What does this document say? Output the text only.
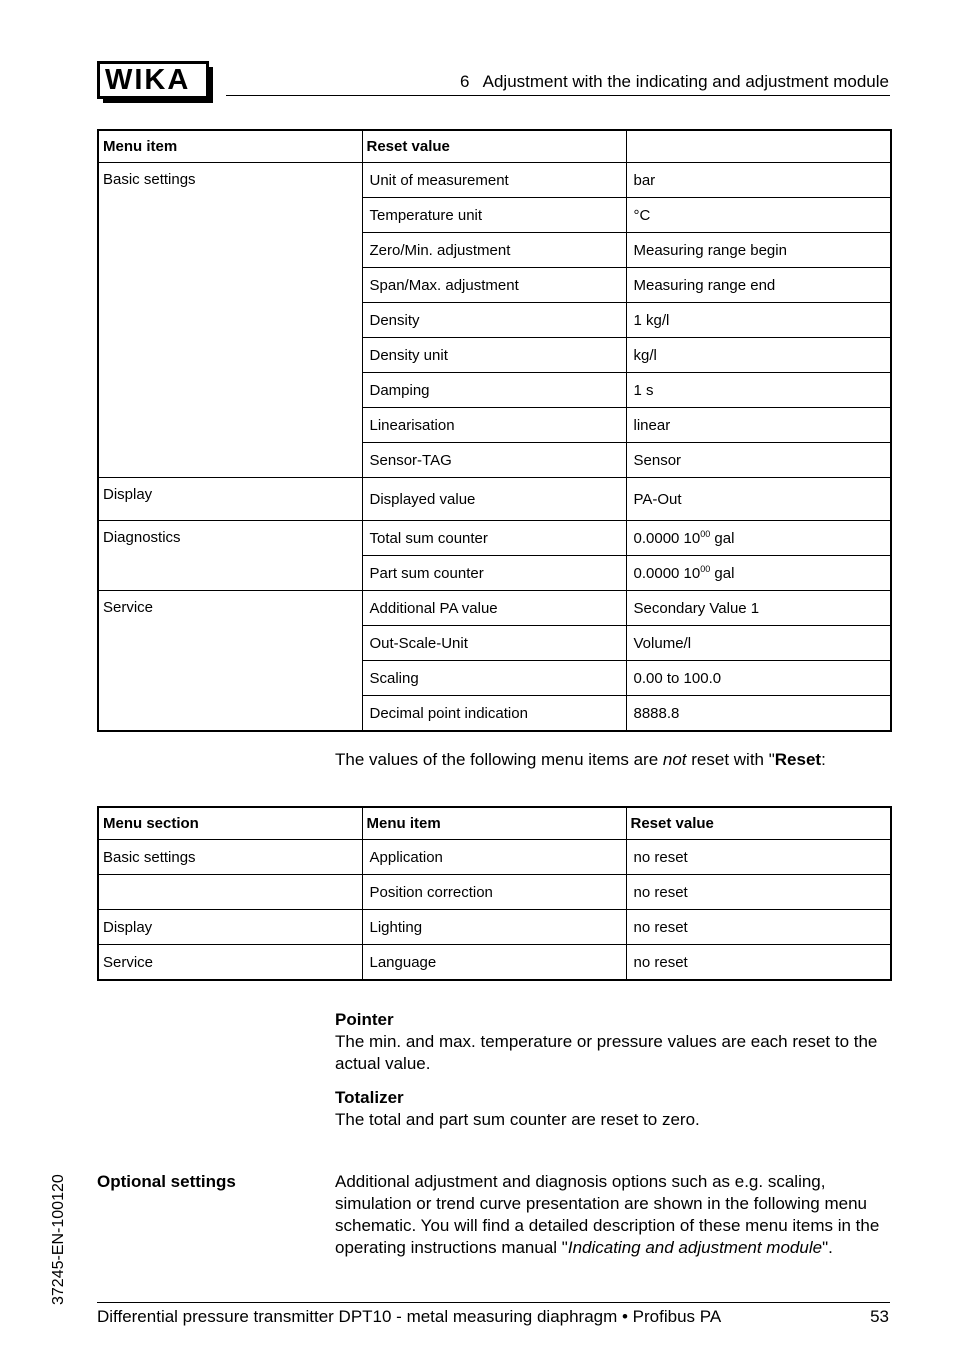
WIKA	6   Adjustment with the indicating and adjustment module
Menu item	Reset value	
Basic settings	Unit of measurement	bar
	Temperature unit	°C
	Zero/Min. adjustment	Measuring range begin
	Span/Max. adjustment	Measuring range end
	Density	1 kg/l
	Density unit	kg/l
	Damping	1 s
	Linearisation	linear
	Sensor-TAG	Sensor
Display	Displayed value	PA-Out
Diagnostics	Total sum counter	0.0000 $10^{00}$ gal
	Part sum counter	0.0000 $10^{00}$ gal
Service	Additional PA value	Secondary Value 1
	Out-Scale-Unit	Volume/l
	Scaling	0.00 to 100.0
	Decimal point indication	8888.8
The values of the following menu items are not reset with "Reset:
Menu section	Menu item	Reset value
Basic settings	Application	no reset
	Position correction	no reset
Display	Lighting	no reset
Service	Language	no reset
Pointer
The min. and max. temperature or pressure values are each reset to the actual value.
Totalizer
The total and part sum counter are reset to zero.
Optional settings	Additional adjustment and diagnosis options such as e.g. scaling, simulation or trend curve presentation are shown in the following menu schematic. You will find a detailed description of these menu items in the operating instructions manual "Indicating and adjustment module".
37245-EN-100120
Differential pressure transmitter DPT10 - metal measuring diaphragm • Profibus PA	53
